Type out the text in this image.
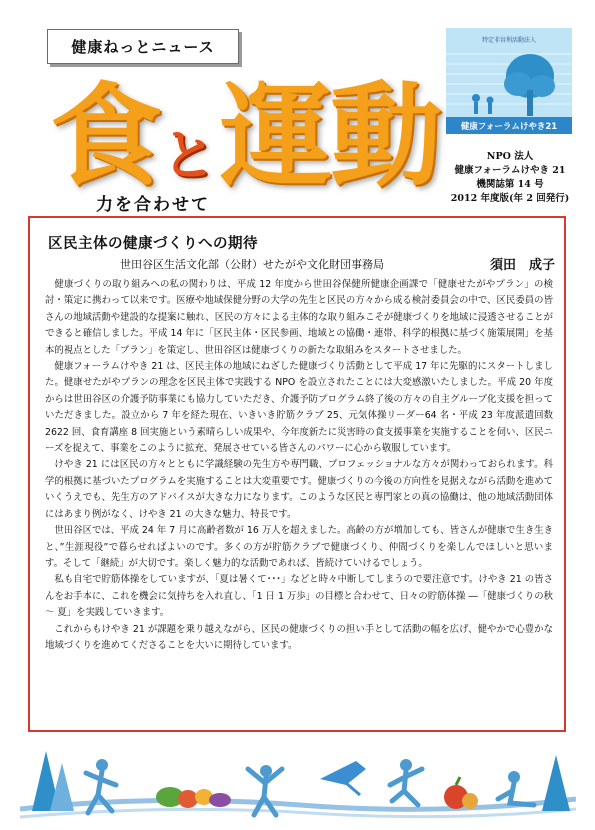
健康ねっとニュース
食 と 運動
力を合わせて
特定非営利活動法人
健康フォーラムけやき21
NPO 法人
健康フォーラムけやき 21
機関誌第 14 号
2012 年度版(年 2 回発行)
区民主体の健康づくりへの期待
世田谷区生活文化部（公財）せたがや文化財団事務局	須田　成子

健康づくりの取り組みへの私の関わりは、平成 12 年度から世田谷保健所健康企画課で「健康せたがやプラン」の検討・策定に携わって以来です。医療や地域保健分野の大学の先生と区民の方々から成る検討委員会の中で、区民委員の皆さんの地域活動や建設的な提案に触れ、区民の方々による主体的な取り組みこそが健康づくりを地域に浸透させることができると確信しました。平成 14 年に「区民主体・区民参画、地域との協働・連帯、科学的根拠に基づく施策展開」を基本的視点とした「プラン」を策定し、世田谷区は健康づくりの新たな取組みをスタートさせました。

健康フォーラムけやき 21 は、区民主体の地域にねざした健康づくり活動として平成 17 年に先駆的にスタートしました。健康せたがやプランの理念を区民主体で実践する NPO を設立されたことには大変感激いたしました。平成 20 年度からは世田谷区の介護予防事業にも協力していただき、介護予防プログラム終了後の方々の自主グループ化支援を担っていただきました。設立から 7 年を経た現在、いきいき貯筋クラブ 25、元気体操リーダー64 名・平成 23 年度派遣回数 2622 回、食育講座 8 回実施という素晴らしい成果や、今年度新たに災害時の食支援事業を実施することを伺い、区民ニーズを捉えて、事業をこのように拡充、発展させている皆さんのパワーに心から敬服しています。

けやき 21 には区民の方々とともに学識経験の先生方や専門職、プロフェッショナルな方々が関わっておられます。科学的根拠に基づいたプログラムを実施することは大変重要です。健康づくりの今後の方向性を見据えながら活動を進めていくうえでも、先生方のアドバイスが大きな力になります。このような区民と専門家との真の協働は、他の地域活動団体にはあまり例がなく、けやき 21 の大きな魅力、特長です。

世田谷区では、平成 24 年 7 月に高齢者数が 16 万人を超えました。高齢の方が増加しても、皆さんが健康で生き生きと、”生涯現役”で暮らせればよいのです。多くの方が貯筋クラブで健康づくり、仲間づくりを楽しんでほしいと思います。そして「継続」が大切です。楽しく魅力的な活動であれば、皆続けていけるでしょう。

私も自宅で貯筋体操をしていますが、「夏は暑くて･･･」などと時々中断してしまうので要注意です。けやき 21 の皆さんをお手本に、これを機会に気持ちを入れ直し、「1 日 1 万歩」の目標と合わせて、日々の貯筋体操 ―「健康づくりの秋 ～ 夏」を実践していきます。

これからもけやき 21 が課題を乗り越えながら、区民の健康づくりの担い手として活動の幅を広げ、健やかで心豊かな地域づくりを進めてくださることを大いに期待しています。
